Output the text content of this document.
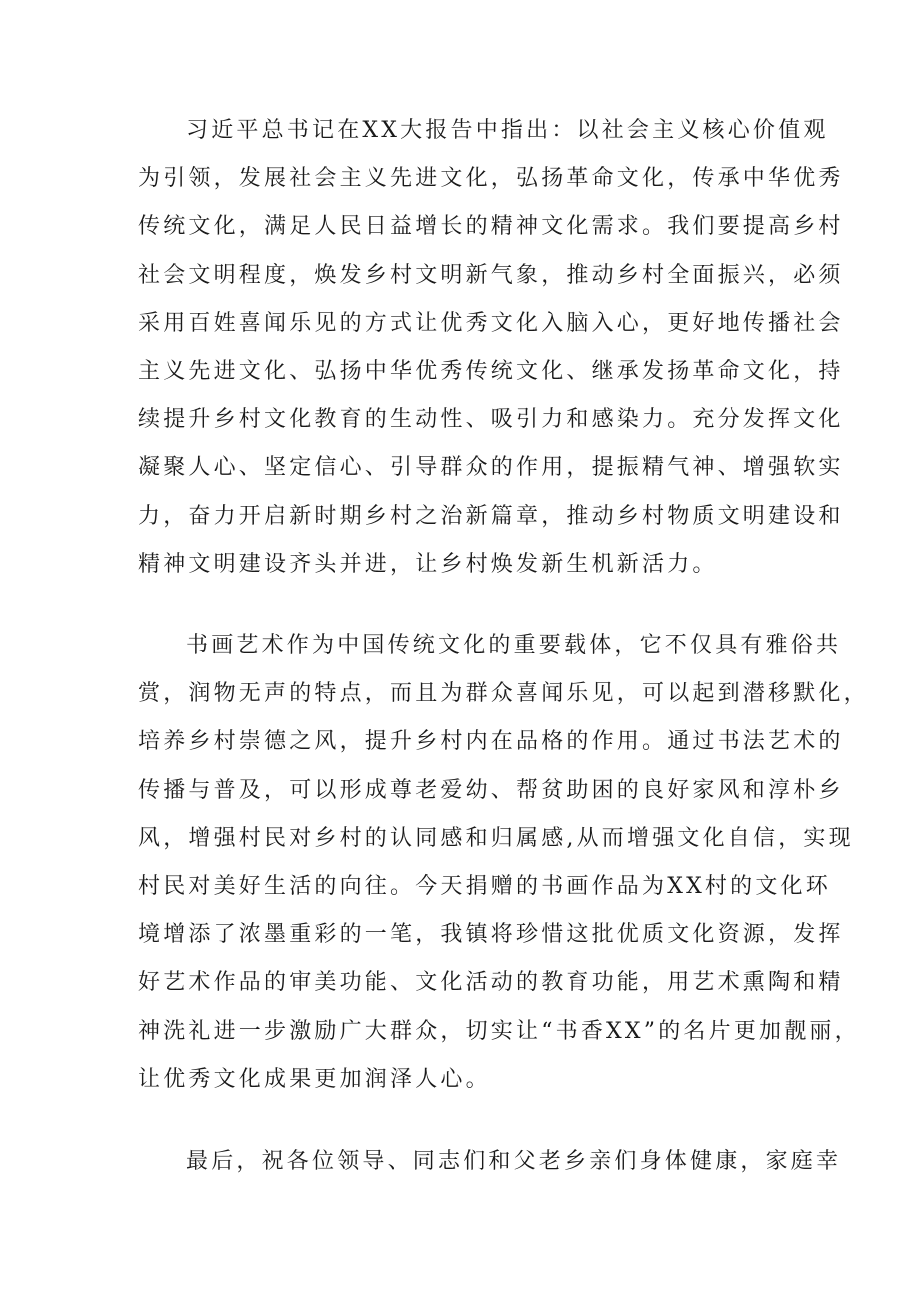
习近平总书记在XX大报告中指出：以社会主义核心价值观
为引领，发展社会主义先进文化，弘扬革命文化，传承中华优秀
传统文化，满足人民日益增长的精神文化需求。我们要提高乡村
社会文明程度，焕发乡村文明新气象，推动乡村全面振兴，必须
采用百姓喜闻乐见的方式让优秀文化入脑入心，更好地传播社会
主义先进文化、弘扬中华优秀传统文化、继承发扬革命文化，持
续提升乡村文化教育的生动性、吸引力和感染力。充分发挥文化
凝聚人心、坚定信心、引导群众的作用，提振精气神、增强软实
力，奋力开启新时期乡村之治新篇章，推动乡村物质文明建设和
精神文明建设齐头并进，让乡村焕发新生机新活力。
书画艺术作为中国传统文化的重要载体，它不仅具有雅俗共
赏，润物无声的特点，而且为群众喜闻乐见，可以起到潜移默化，
培养乡村崇德之风，提升乡村内在品格的作用。通过书法艺术的
传播与普及，可以形成尊老爱幼、帮贫助困的良好家风和淳朴乡
风，增强村民对乡村的认同感和归属感,从而增强文化自信，实现
村民对美好生活的向往。今天捐赠的书画作品为XX村的文化环
境增添了浓墨重彩的一笔，我镇将珍惜这批优质文化资源，发挥
好艺术作品的审美功能、文化活动的教育功能，用艺术熏陶和精
神洗礼进一步激励广大群众，切实让“书香XX”的名片更加靓丽，
让优秀文化成果更加润泽人心。
最后，祝各位领导、同志们和父老乡亲们身体健康，家庭幸
